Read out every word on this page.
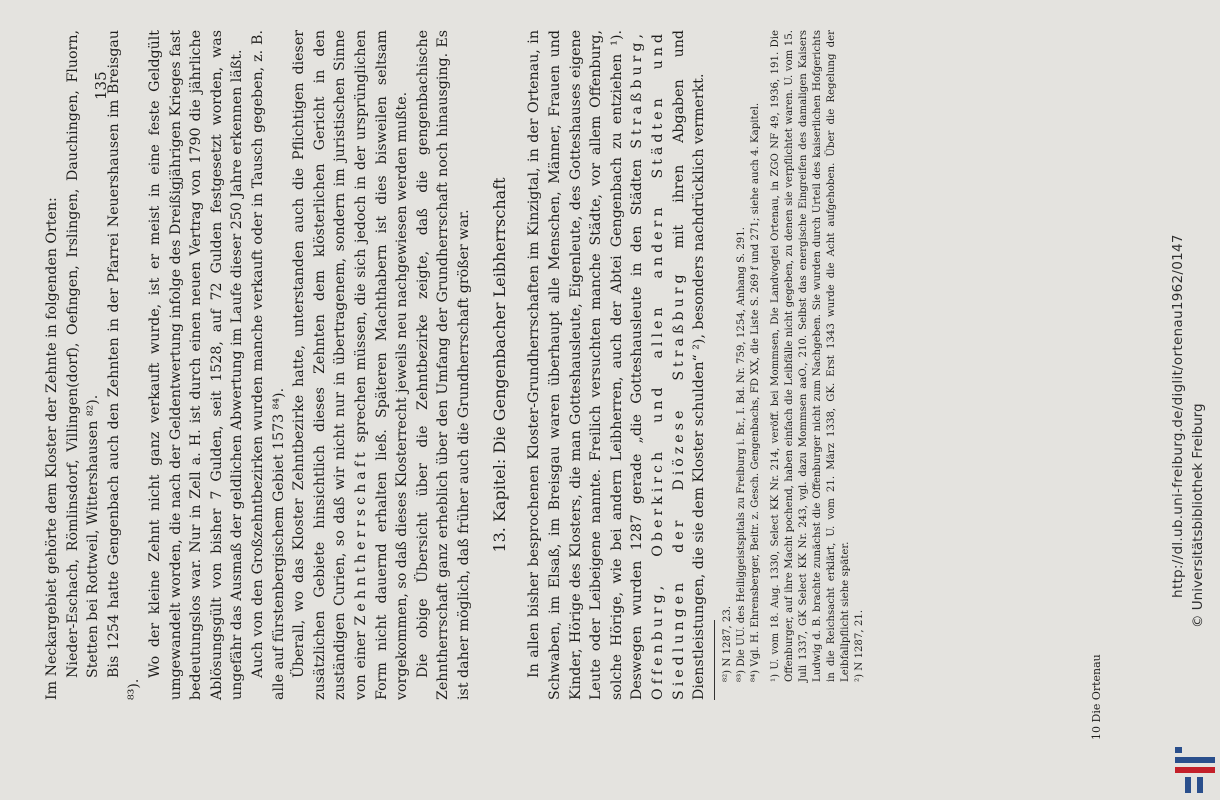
Im Neckargebiet gehörte dem Kloster der Zehnte in folgenden Orten: Nieder-Eschach, Römlinsdorf, Villingen(dorf), Oefingen, Irslingen, Dauchingen, Fluorn, Stetten bei Rottweil, Wittershausen ⁸²). Bis 1254 hatte Gengenbach auch den Zehnten in der Pfarrei Neuershausen im Breisgau ⁸³).

Wo der kleine Zehnt nicht ganz verkauft wurde, ist er meist in eine feste Geldgült umgewandelt worden, die nach der Geldentwertung infolge des Dreißigjährigen Krieges fast bedeutungslos war. Nur in Zell a. H. ist durch einen neuen Vertrag von 1790 die jährliche Ablösungsgült von bisher 7 Gulden, seit 1528, auf 72 Gulden festgesetzt worden, was ungefähr das Ausmaß der geldlichen Abwertung im Laufe dieser 250 Jahre erkennen läßt. Auch von den Großzehntbezirken wurden manche verkauft oder in Tausch gegeben, z. B. alle auf fürstenbergischem Gebiet 1573 ⁸⁴). Überall, wo das Kloster Zehntbezirke hatte, unterstanden auch die Pflichtigen dieser zusätzlichen Gebiete hinsichtlich dieses Zehnten dem klösterlichen Gericht in den zuständigen Curien, so daß wir nicht nur in übertragenem, sondern im juristischen Sinne von einer Zehntherrschaft sprechen müssen, die sich jedoch in der ursprünglichen Form nicht dauernd erhalten ließ. Späteren Machthabern ist dies bisweilen seltsam vorgekommen, so daß dieses Klosterrecht jeweils neu nachgewiesen werden mußte. Die obige Übersicht über die Zehntbezirke zeigte, daß die gengenbachische Zehntherrschaft ganz erheblich über den Umfang der Grundherrschaft noch hinausging. Es ist daher möglich, daß früher auch die Grundherrschaft größer war. 13. Kapitel: Die Gengenbacher Leibherrschaft In allen bisher besprochenen Kloster-Grundherrschaften im Kinzigtal, in der Ortenau, in Schwaben, im Elsaß, im Breisgau waren überhaupt alle Menschen, Männer, Frauen und Kinder, Hörige des Klosters, die man Gotteshausleute, Eigenleute, des Gotteshauses eigene Leute oder Leibeigene nannte. Freilich versuchten manche Städte, vor allem Offenburg, solche Hörige, wie bei andern Leibherren, auch der Abtei Gengenbach zu entziehen ¹). Deswegen wurden 1287 gerade „die Gotteshausleute in den Städten Straßburg, Offenburg, Oberkirch und allen andern Städten und Siedlungen der Diözese Straßburg mit ihren Abgaben und Dienstleistungen, die sie dem Kloster schulden“ ²), besonders nachdrücklich vermerkt. ⁸²) N 1287, 23. ⁸³) Die UU. des Heiliggeistspitals zu Freiburg i. Br., I. Bd. Nr. 759, 1254, Anhang S. 291. ⁸⁴) Vgl. H. Ehrensberger, Beitr. z. Gesch. Gengenbachs, FD XX, die Liste S. 269 f und 271; siehe auch 4. Kapitel. ¹) U. vom 18. Aug. 1330, Select KK Nr. 214, veröff. bei Mommsen, Die Landvogtei Ortenau, in ZGO NF 49, 1936, 191. Die Offenburger, auf ihre Macht pochend, haben einfach die Leibfälle nicht gegeben, zu denen sie verpflichtet waren. U. vom 15. Juli 1337, GK Select KK Nr. 243, vgl. dazu Mommsen aaO., 210. Selbst das energische Eingreifen des damaligen Kaisers Ludwig d. B. brachte zunächst die Offenburger nicht zum Nachgeben. Sie wurden durch Urteil des kaiserlichen Hofgerichts in die Reichsacht erklärt, U. vom 21. März 1338, GK. Erst 1343 wurde die Acht aufgehoben. Über die Regelung der Leibfallpflicht siehe später. ²) N 1287, 21.

135
10 Die Ortenau
http://dl.ub.uni-freiburg.de/diglit/ortenau1962/0147 © Universitätsbibliothek Freiburg
